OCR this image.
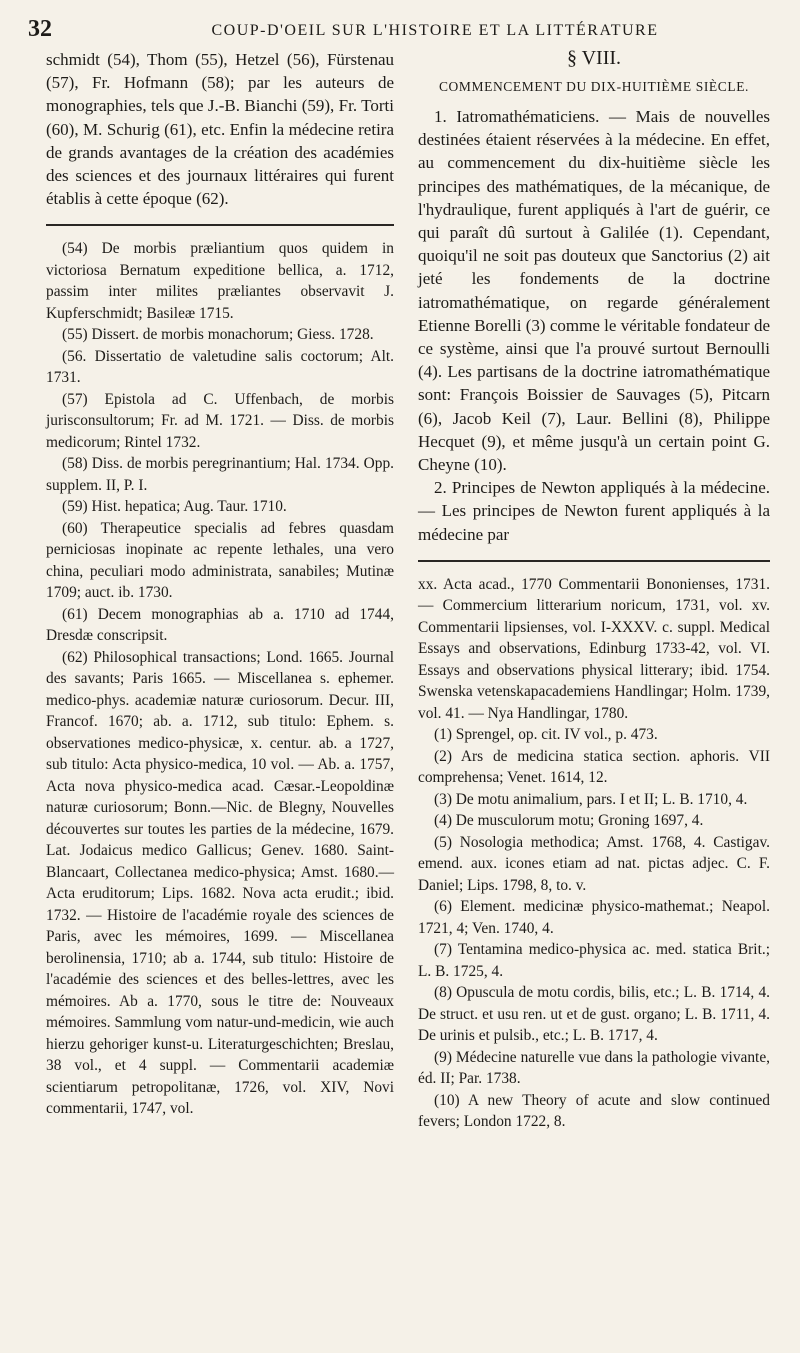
32	COUP-D'OEIL SUR L'HISTOIRE ET LA LITTÉRATURE

schmidt (54), Thom (55), Hetzel (56), Fürstenau (57), Fr. Hofmann (58); par les auteurs de monographies, tels que J.-B. Bianchi (59), Fr. Torti (60), M. Schurig (61), etc. Enfin la médecine retira de grands avantages de la création des académies des sciences et des journaux littéraires qui furent établis à cette époque (62).

(54) De morbis præliantium quos quidem in victoriosa Bernatum expeditione bellica, a. 1712, passim inter milites præliantes observavit J. Kupferschmidt; Basileæ 1715.

(55) Dissert. de morbis monachorum; Giess. 1728.

(56. Dissertatio de valetudine salis coctorum; Alt. 1731.

(57) Epistola ad C. Uffenbach, de morbis jurisconsultorum; Fr. ad M. 1721. — Diss. de morbis medicorum; Rintel 1732.

(58) Diss. de morbis peregrinantium; Hal. 1734. Opp. supplem. II, P. I.

(59) Hist. hepatica; Aug. Taur. 1710.

(60) Therapeutice specialis ad febres quasdam perniciosas inopinate ac repente lethales, una vero china, peculiari modo administrata, sanabiles; Mutinæ 1709; auct. ib. 1730.

(61) Decem monographias ab a. 1710 ad 1744, Dresdæ conscripsit.

(62) Philosophical transactions; Lond. 1665. Journal des savants; Paris 1665. — Miscellanea s. ephemer. medico-phys. academiæ naturæ curiosorum. Decur. III, Francof. 1670; ab. a. 1712, sub titulo: Ephem. s. observationes medico-physicæ, x. centur. ab. a 1727, sub titulo: Acta physico-medica, 10 vol. — Ab. a. 1757, Acta nova physico-medica acad. Cæsar.-Leopoldinæ naturæ curiosorum; Bonn.—Nic. de Blegny, Nouvelles découvertes sur toutes les parties de la médecine, 1679. Lat. Jodaicus medico Gallicus; Genev. 1680. Saint-Blancaart, Collectanea medico-physica; Amst. 1680.— Acta eruditorum; Lips. 1682. Nova acta erudit.; ibid. 1732. — Histoire de l'académie royale des sciences de Paris, avec les mémoires, 1699. — Miscellanea berolinensia, 1710; ab a. 1744, sub titulo: Histoire de l'académie des sciences et des belles-lettres, avec les mémoires. Ab a. 1770, sous le titre de: Nouveaux mémoires. Sammlung vom natur-und-medicin, wie auch hierzu gehoriger kunst-u. Literaturgeschichten; Breslau, 38 vol., et 4 suppl. — Commentarii academiæ scientiarum petropolitanæ, 1726, vol. XIV, Novi commentarii, 1747, vol.

§ VIII.
COMMENCEMENT DU DIX-HUITIÈME SIÈCLE.

1. Iatromathématiciens. — Mais de nouvelles destinées étaient réservées à la médecine. En effet, au commencement du dix-huitième siècle les principes des mathématiques, de la mécanique, de l'hydraulique, furent appliqués à l'art de guérir, ce qui paraît dû surtout à Galilée (1). Cependant, quoiqu'il ne soit pas douteux que Sanctorius (2) ait jeté les fondements de la doctrine iatromathématique, on regarde généralement Etienne Borelli (3) comme le véritable fondateur de ce système, ainsi que l'a prouvé surtout Bernoulli (4). Les partisans de la doctrine iatromathématique sont: François Boissier de Sauvages (5), Pitcarn (6), Jacob Keil (7), Laur. Bellini (8), Philippe Hecquet (9), et même jusqu'à un certain point G. Cheyne (10).

2. Principes de Newton appliqués à la médecine. — Les principes de Newton furent appliqués à la médecine par

xx. Acta acad., 1770 Commentarii Bononienses, 1731. — Commercium litterarium noricum, 1731, vol. xv. Commentarii lipsienses, vol. I-XXXV. c. suppl. Medical Essays and observations, Edinburg 1733-42, vol. VI. Essays and observations physical litterary; ibid. 1754. Swenska vetenskapacademiens Handlingar; Holm. 1739, vol. 41. — Nya Handlingar, 1780.

(1) Sprengel, op. cit. IV vol., p. 473.

(2) Ars de medicina statica section. aphoris. VII comprehensa; Venet. 1614, 12.

(3) De motu animalium, pars. I et II; L. B. 1710, 4.

(4) De musculorum motu; Groning 1697, 4.

(5) Nosologia methodica; Amst. 1768, 4. Castigav. emend. aux. icones etiam ad nat. pictas adjec. C. F. Daniel; Lips. 1798, 8, to. v.

(6) Element. medicinæ physico-mathemat.; Neapol. 1721, 4; Ven. 1740, 4.

(7) Tentamina medico-physica ac. med. statica Brit.; L. B. 1725, 4.

(8) Opuscula de motu cordis, bilis, etc.; L. B. 1714, 4. De struct. et usu ren. ut et de gust. organo; L. B. 1711, 4. De urinis et pulsib., etc.; L. B. 1717, 4.

(9) Médecine naturelle vue dans la pathologie vivante, éd. II; Par. 1738.

(10) A new Theory of acute and slow continued fevers; London 1722, 8.
